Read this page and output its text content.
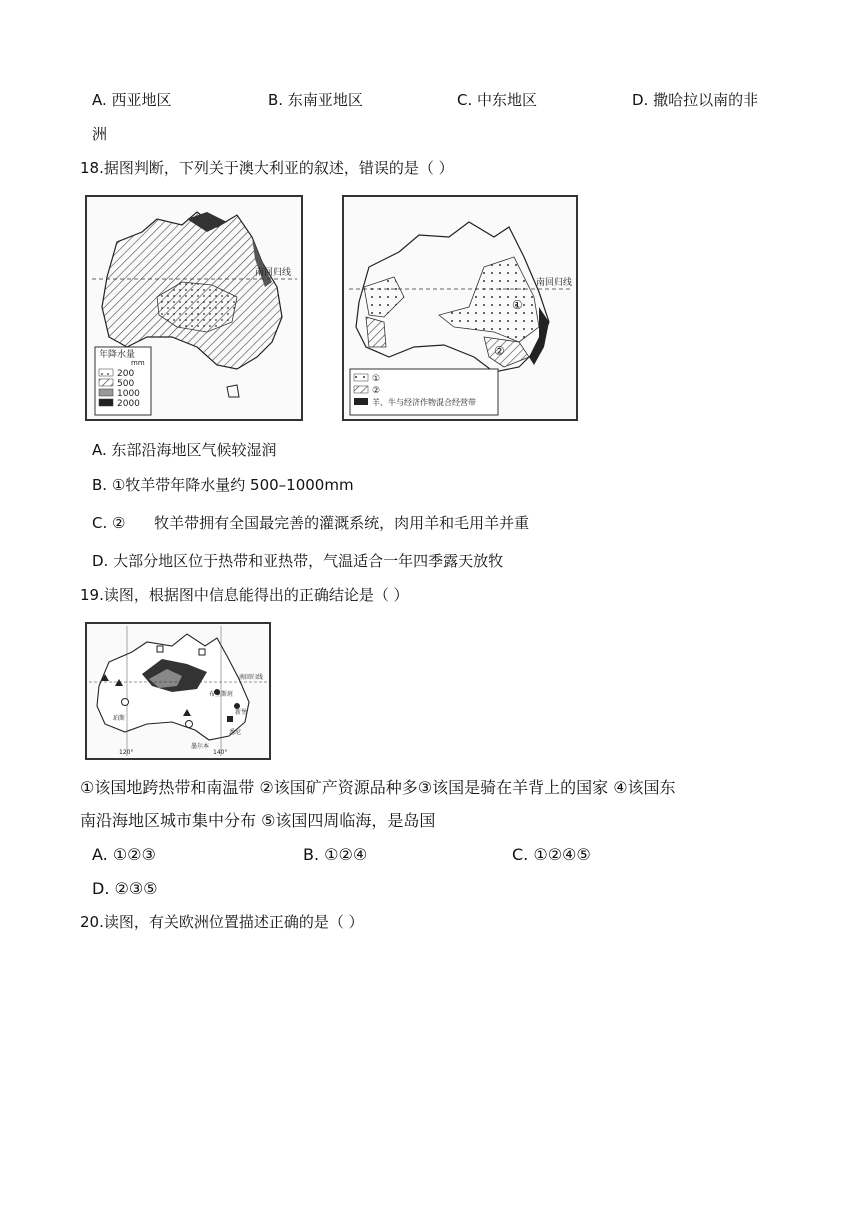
A. 西亚地区	B. 东南亚地区	C. 中东地区	D. 撒哈拉以南的非
洲
18.据图判断，下列关于澳大利亚的叙述，错误的是（ ）
南回归线
年降水量
mm
200
500
1000
2000
南回归线
①
②
①
②
羊、牛与经济作物混合经营带
A. 东部沿海地区气候较湿润
B. ①牧羊带年降水量约 500–1000mm
C. ②      牧羊带拥有全国最完善的灌溉系统，肉用羊和毛用羊并重
D. 大部分地区位于热带和亚热带，气温适合一年四季露天放牧
19.读图，根据图中信息能得出的正确结论是（ ）
布里斯班
悉尼
墨尔本
珀斯
新堡
120°	140°
南回归线
①该国地跨热带和南温带 ②该国矿产资源品种多③该国是骑在羊背上的国家 ④该国东
南沿海地区城市集中分布 ⑤该国四周临海，是岛国
A. ①②③	B. ①②④	C. ①②④⑤
D. ②③⑤
20.读图，有关欧洲位置描述正确的是（ ）
